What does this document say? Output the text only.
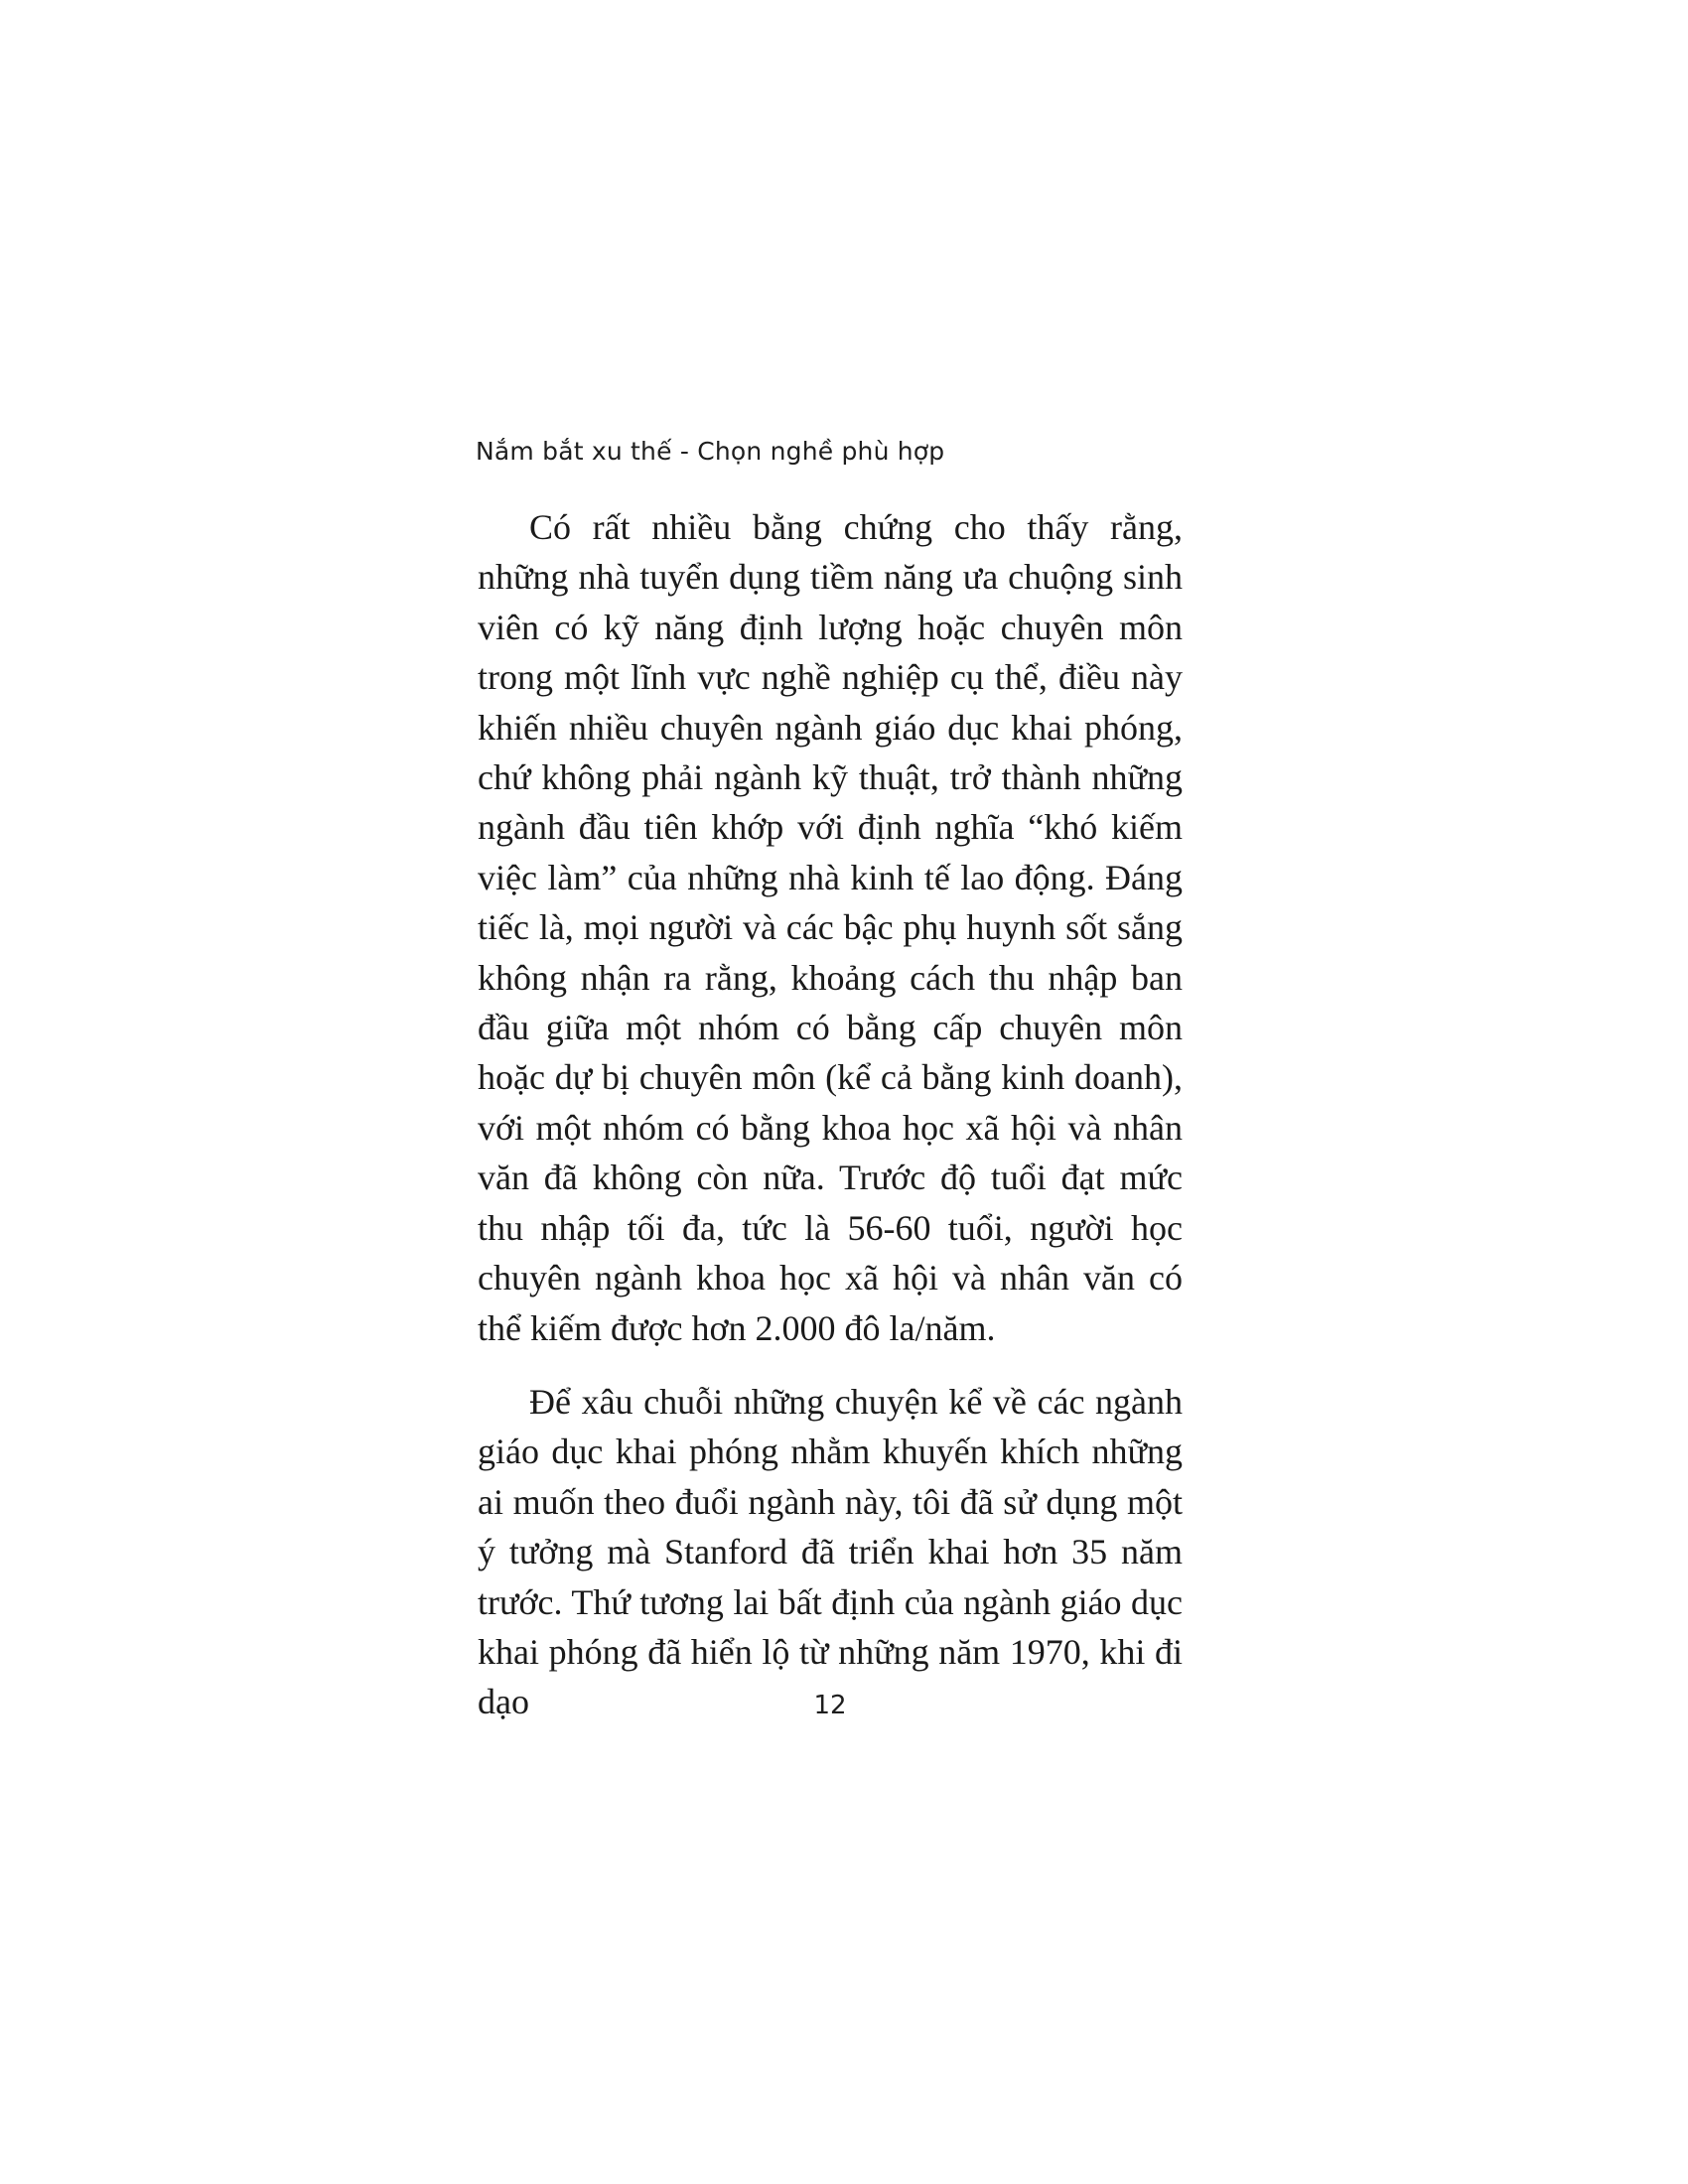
Nắm bắt xu thế - Chọn nghề phù hợp

Có rất nhiều bằng chứng cho thấy rằng, những nhà tuyển dụng tiềm năng ưa chuộng sinh viên có kỹ năng định lượng hoặc chuyên môn trong một lĩnh vực nghề nghiệp cụ thể, điều này khiến nhiều chuyên ngành giáo dục khai phóng, chứ không phải ngành kỹ thuật, trở thành những ngành đầu tiên khớp với định nghĩa “khó kiếm việc làm” của những nhà kinh tế lao động. Đáng tiếc là, mọi người và các bậc phụ huynh sốt sắng không nhận ra rằng, khoảng cách thu nhập ban đầu giữa một nhóm có bằng cấp chuyên môn hoặc dự bị chuyên môn (kể cả bằng kinh doanh), với một nhóm có bằng khoa học xã hội và nhân văn đã không còn nữa. Trước độ tuổi đạt mức thu nhập tối đa, tức là 56-60 tuổi, người học chuyên ngành khoa học xã hội và nhân văn có thể kiếm được hơn 2.000 đô la/năm.

Để xâu chuỗi những chuyện kể về các ngành giáo dục khai phóng nhằm khuyến khích những ai muốn theo đuổi ngành này, tôi đã sử dụng một ý tưởng mà Stanford đã triển khai hơn 35 năm trước. Thứ tương lai bất định của ngành giáo dục khai phóng đã hiển lộ từ những năm 1970, khi đi dạo	12
